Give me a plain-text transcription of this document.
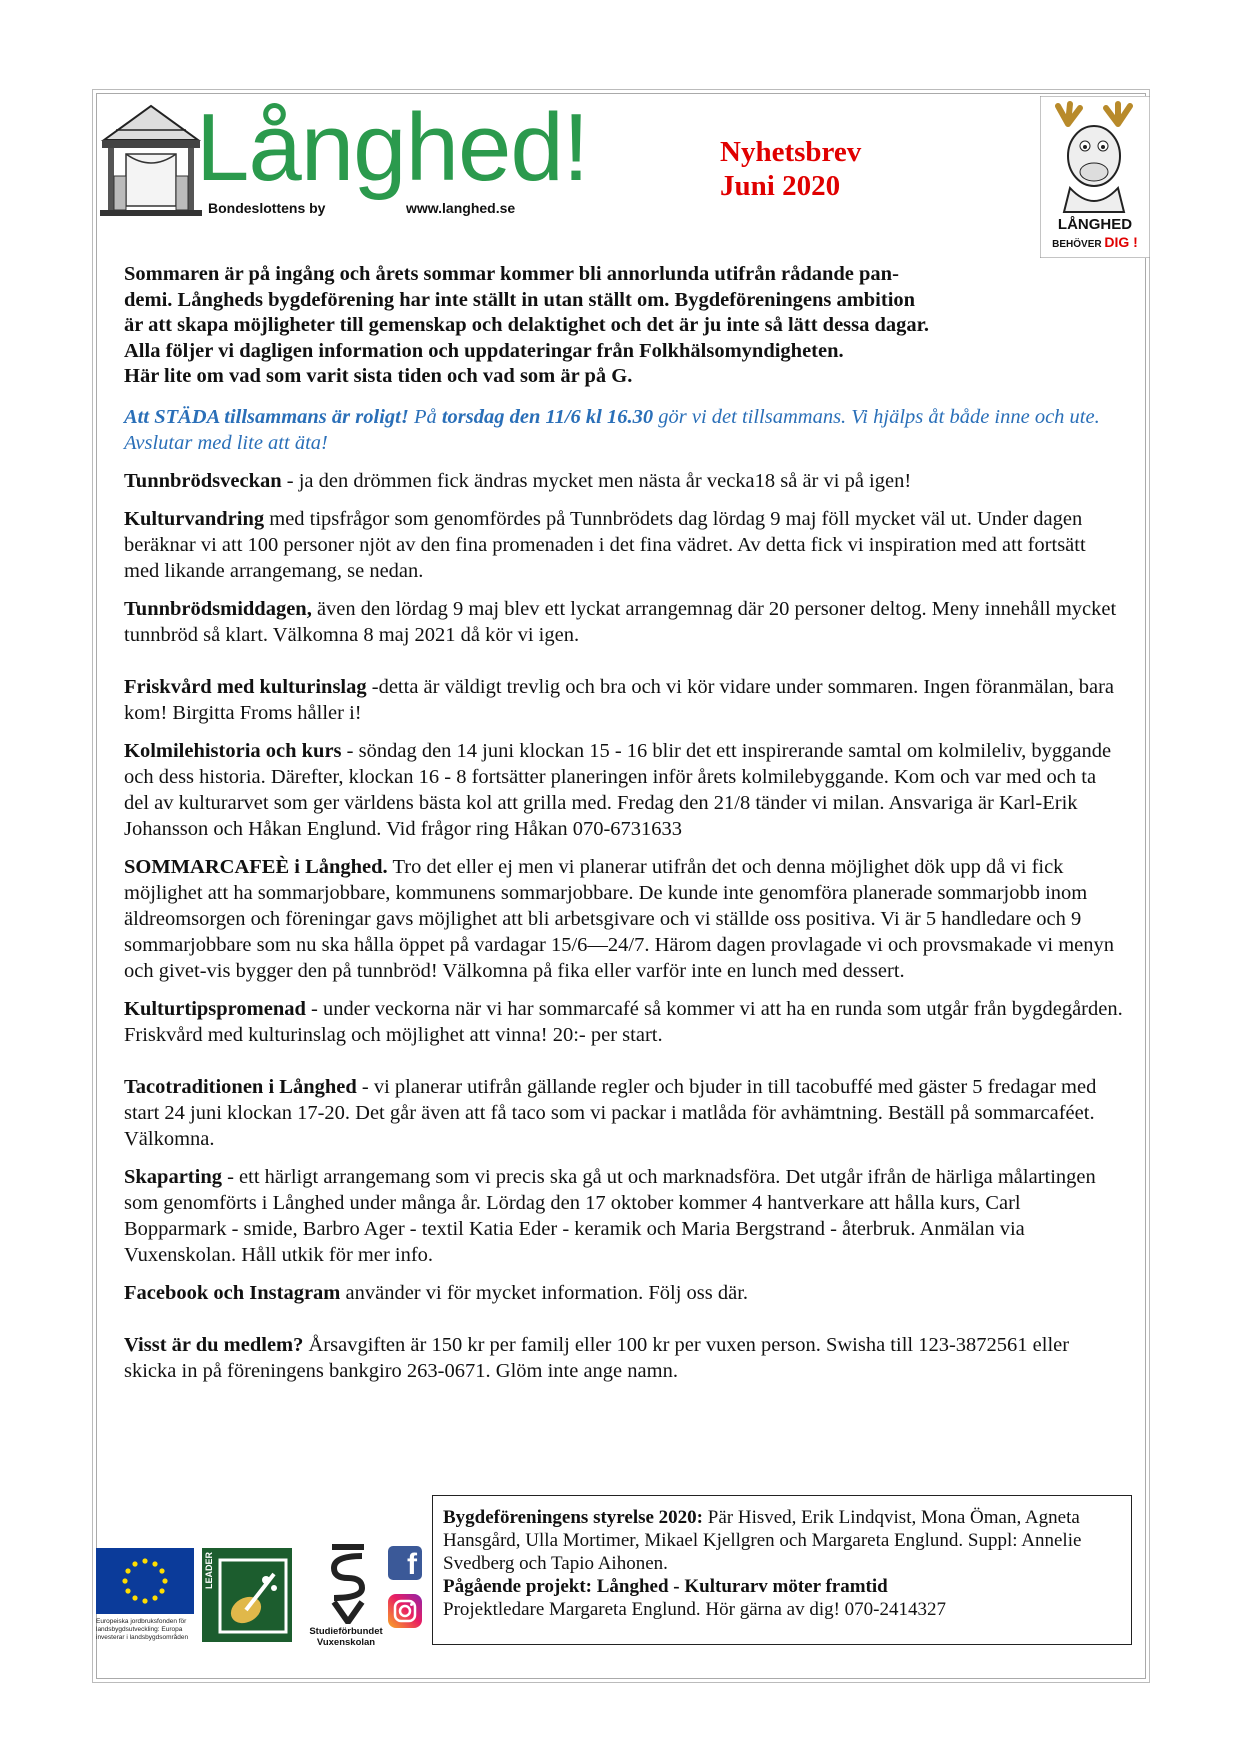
Långhed!
Bondeslottens by	www.langhed.se
Nyhetsbrev
Juni 2020
LÅNGHED
BEHÖVER DIG !
Sommaren är på ingång och årets sommar kommer bli annorlunda utifrån rådande pan-
demi. Långheds bygdeförening har inte ställt in utan ställt om. Bygdeföreningens ambition
är att skapa möjligheter till gemenskap och delaktighet och det är ju inte så lätt dessa dagar.
Alla följer vi dagligen information och uppdateringar från Folkhälsomyndigheten.
Här lite om vad som varit sista tiden och vad som är på G.
Att STÄDA tillsammans är roligt! På torsdag den 11/6 kl 16.30 gör vi det tillsammans. Vi hjälps åt både inne och ute. Avslutar med lite att äta!
Tunnbrödsveckan - ja den drömmen fick ändras mycket men nästa år vecka18 så är vi på igen!
Kulturvandring med tipsfrågor som genomfördes på Tunnbrödets dag lördag 9 maj föll mycket väl ut. Under dagen beräknar vi att 100 personer njöt av den fina promenaden i det fina vädret. Av detta fick vi inspiration med att fortsätt med likande arrangemang, se nedan.
Tunnbrödsmiddagen, även den lördag 9 maj blev ett lyckat arrangemnag där 20 personer deltog. Meny innehåll mycket tunnbröd så klart. Välkomna 8 maj 2021 då kör vi igen.
Friskvård med kulturinslag -detta är väldigt trevlig och bra och vi kör vidare under sommaren. Ingen föranmälan, bara kom! Birgitta Froms håller i!
Kolmilehistoria och kurs - söndag den 14 juni klockan 15 - 16 blir det ett inspirerande samtal om kolmileliv, byggande och dess historia. Därefter, klockan 16 - 8 fortsätter planeringen inför årets kolmilebyggande. Kom och var med och ta del av kulturarvet som ger världens bästa kol att grilla med. Fredag den 21/8 tänder vi milan. Ansvariga är Karl-Erik Johansson och Håkan Englund. Vid frågor ring Håkan 070-6731633
SOMMARCAFEÈ i Långhed. Tro det eller ej men vi planerar utifrån det och denna möjlighet dök upp då vi fick möjlighet att ha sommarjobbare, kommunens sommarjobbare. De kunde inte genomföra planerade sommarjobb inom äldreomsorgen och föreningar gavs möjlighet att bli arbetsgivare och vi ställde oss positiva. Vi är 5 handledare och 9 sommarjobbare som nu ska hålla öppet på vardagar 15/6—24/7. Härom dagen provlagade vi och provsmakade vi menyn och givet-vis bygger den på tunnbröd! Välkomna på fika eller varför inte en lunch med dessert.
Kulturtipspromenad - under veckorna när vi har sommarcafé så kommer vi att ha en runda som utgår från bygdegården. Friskvård med kulturinslag och möjlighet att vinna! 20:- per start.
Tacotraditionen i Långhed - vi planerar utifrån gällande regler och bjuder in till tacobuffé med gäster 5 fredagar med start 24 juni klockan 17-20. Det går även att få taco som vi packar i matlåda för avhämtning. Beställ på sommarcaféet. Välkomna.
Skaparting - ett härligt arrangemang som vi precis ska gå ut och marknadsföra. Det utgår ifrån de härliga målartingen som genomförts i Långhed under många år. Lördag den 17 oktober kommer 4 hantverkare att hålla kurs, Carl Bopparmark - smide, Barbro Ager - textil Katia Eder - keramik och Maria Bergstrand - återbruk. Anmälan via Vuxenskolan. Håll utkik för mer info.
Facebook och Instagram använder vi för mycket information. Följ oss där.
Visst är du medlem? Årsavgiften är 150 kr per familj eller 100 kr per vuxen person. Swisha till 123-3872561 eller skicka in på föreningens bankgiro 263-0671. Glöm inte ange namn.
Europeiska jordbruksfonden för landsbygdsutveckling: Europa investerar i landsbygdsområden
LEADER
Studieförbundet
Vuxenskolan
f
Bygdeföreningens styrelse 2020: Pär Hisved, Erik Lindqvist, Mona Öman, Agneta Hansgård, Ulla Mortimer, Mikael Kjellgren och Margareta Englund. Suppl: Annelie Svedberg och Tapio Aihonen.
Pågående projekt: Långhed - Kulturarv möter framtid
Projektledare Margareta Englund. Hör gärna av dig! 070-2414327
